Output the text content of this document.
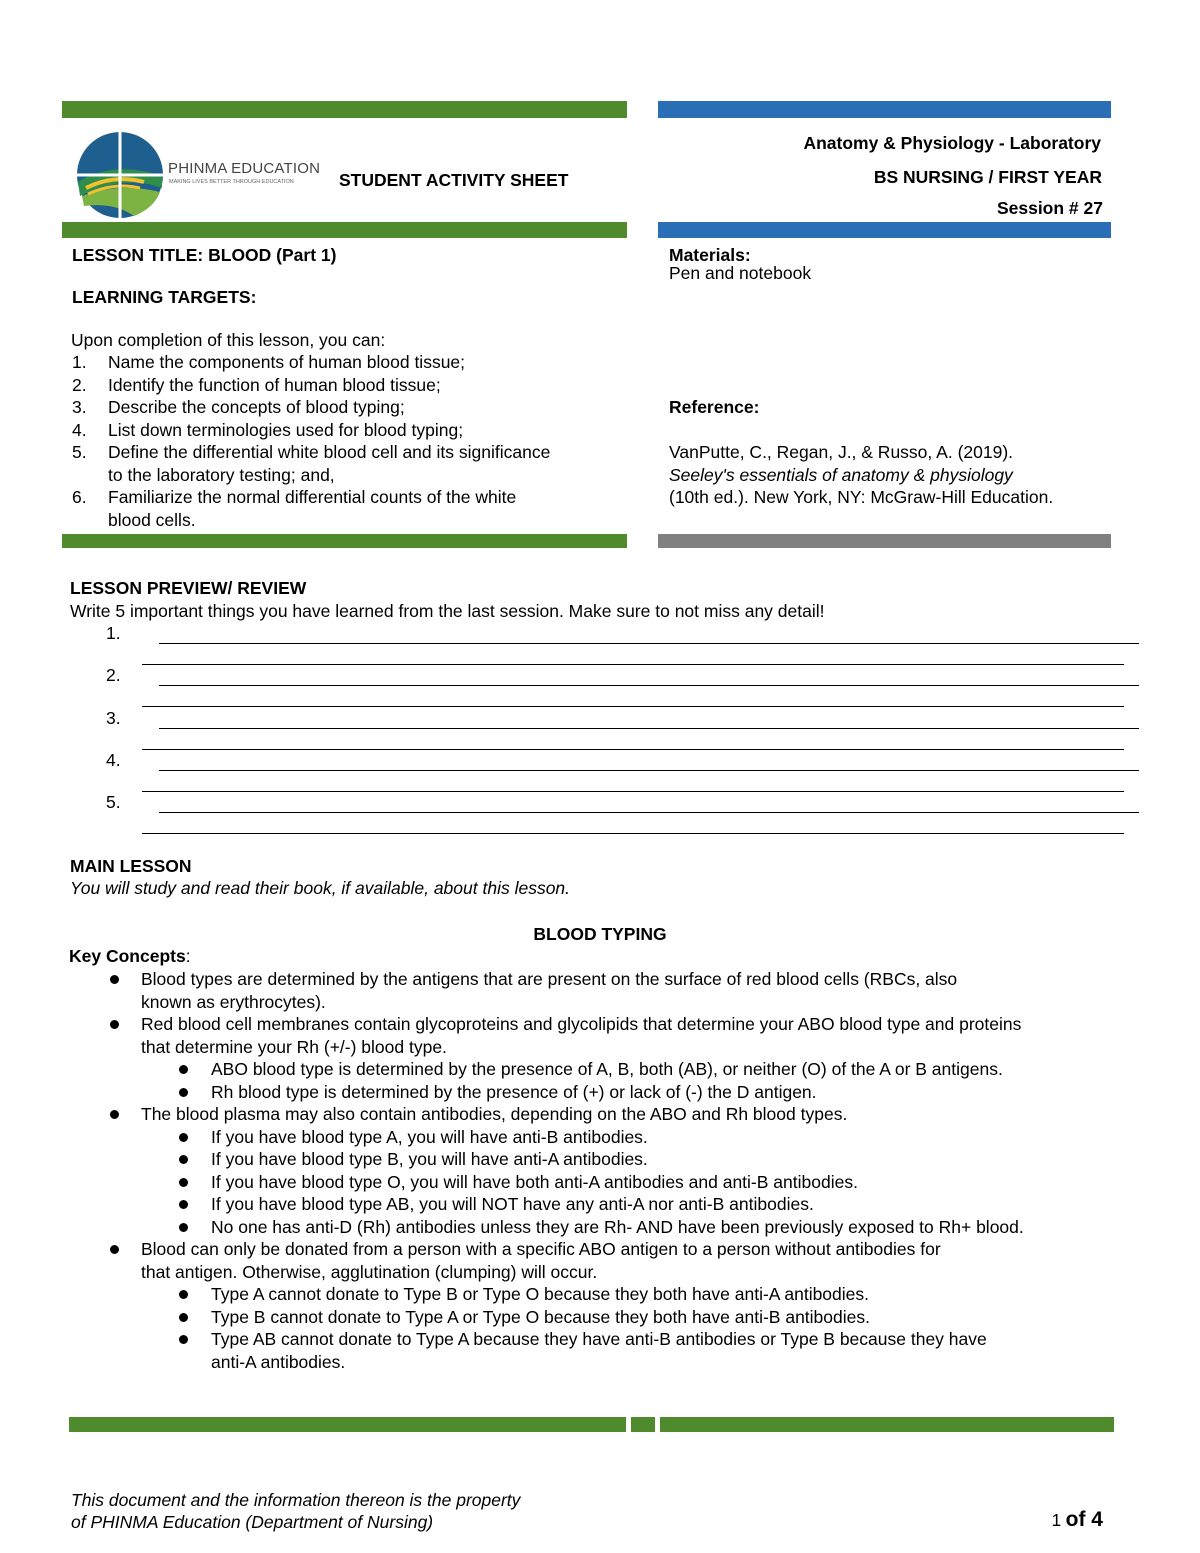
PHINMA EDUCATION
MAKING LIVES BETTER THROUGH EDUCATION	STUDENT ACTIVITY SHEET
Anatomy & Physiology - Laboratory
BS NURSING / FIRST YEAR
Session # 27
LESSON TITLE: BLOOD (Part 1)
LEARNING TARGETS:
Upon completion of this lesson, you can:
1. Name the components of human blood tissue;
2. Identify the function of human blood tissue;
3. Describe the concepts of blood typing;
4. List down terminologies used for blood typing;
5. Define the differential white blood cell and its significance
to the laboratory testing; and,
6. Familiarize the normal differential counts of the white
blood cells.
Materials:
Pen and notebook
Reference:
VanPutte, C., Regan, J., & Russo, A. (2019).
Seeley's essentials of anatomy & physiology
(10th ed.). New York, NY: McGraw-Hill Education.
LESSON PREVIEW/ REVIEW
Write 5 important things you have learned from the last session. Make sure to not miss any detail!
1.
2.
3.
4.
5.
MAIN LESSON
You will study and read their book, if available, about this lesson.
BLOOD TYPING
Key Concepts:
Blood types are determined by the antigens that are present on the surface of red blood cells (RBCs, also
known as erythrocytes).
Red blood cell membranes contain glycoproteins and glycolipids that determine your ABO blood type and proteins
that determine your Rh (+/-) blood type.
ABO blood type is determined by the presence of A, B, both (AB), or neither (O) of the A or B antigens.
Rh blood type is determined by the presence of (+) or lack of (-) the D antigen.
The blood plasma may also contain antibodies, depending on the ABO and Rh blood types.
If you have blood type A, you will have anti-B antibodies.
If you have blood type B, you will have anti-A antibodies.
If you have blood type O, you will have both anti-A antibodies and anti-B antibodies.
If you have blood type AB, you will NOT have any anti-A nor anti-B antibodies.
No one has anti-D (Rh) antibodies unless they are Rh- AND have been previously exposed to Rh+ blood.
Blood can only be donated from a person with a specific ABO antigen to a person without antibodies for
that antigen. Otherwise, agglutination (clumping) will occur.
Type A cannot donate to Type B or Type O because they both have anti-A antibodies.
Type B cannot donate to Type A or Type O because they both have anti-B antibodies.
Type AB cannot donate to Type A because they have anti-B antibodies or Type B because they have
anti-A antibodies.
This document and the information thereon is the property
of PHINMA Education (Department of Nursing)	1 of 4
